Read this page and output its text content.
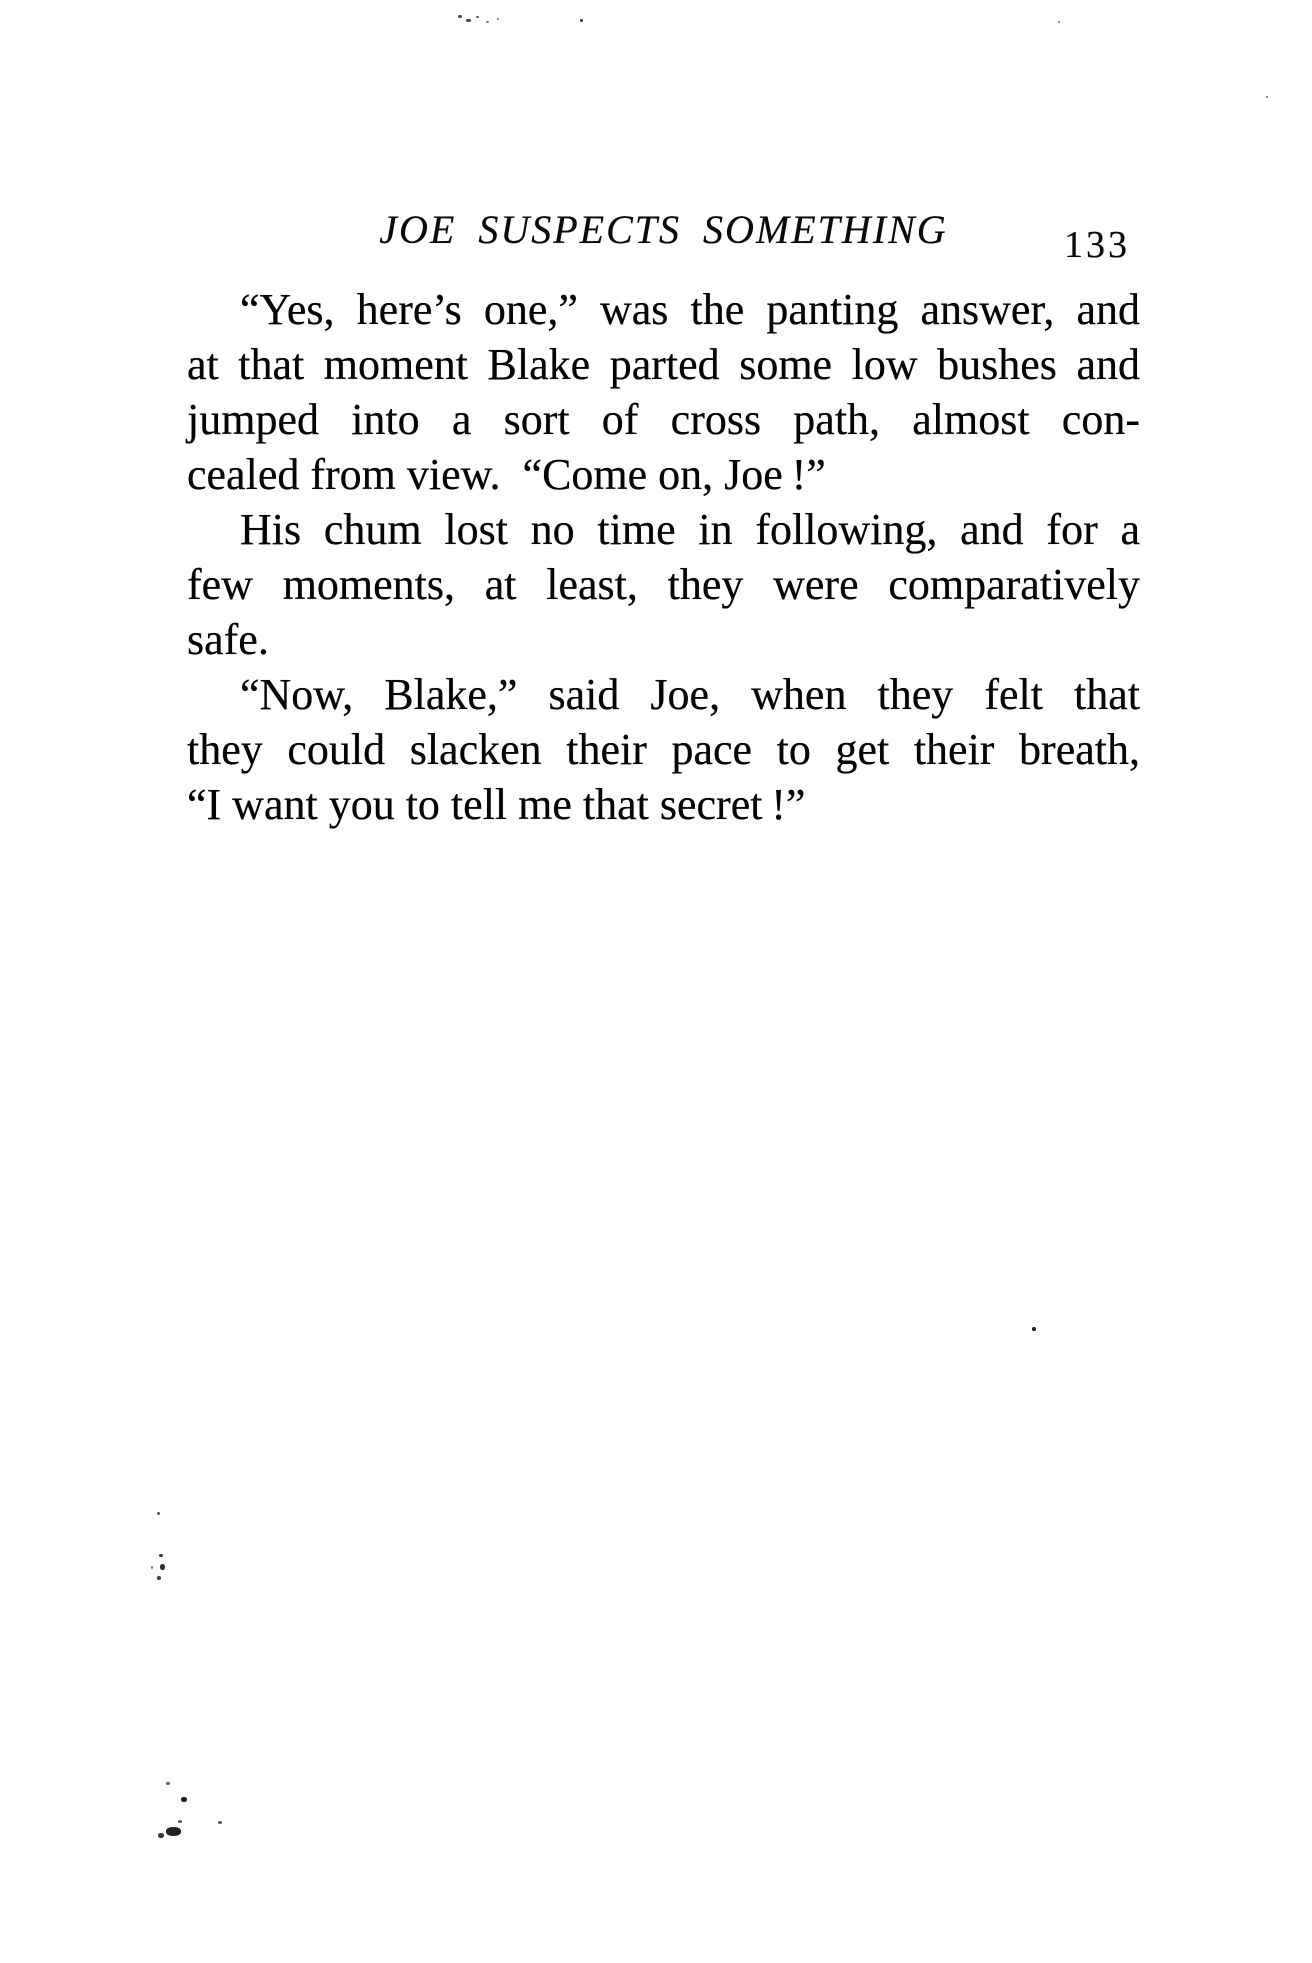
JOE SUSPECTS SOMETHING	133
“Yes, here’s one,” was the panting answer, and
at that moment Blake parted some low bushes and
jumped into a sort of cross path, almost con-
cealed from view. “Come on, Joe !”
His chum lost no time in following, and for a
few moments, at least, they were comparatively
safe.
“Now, Blake,” said Joe, when they felt that
they could slacken their pace to get their breath,
“I want you to tell me that secret !”
